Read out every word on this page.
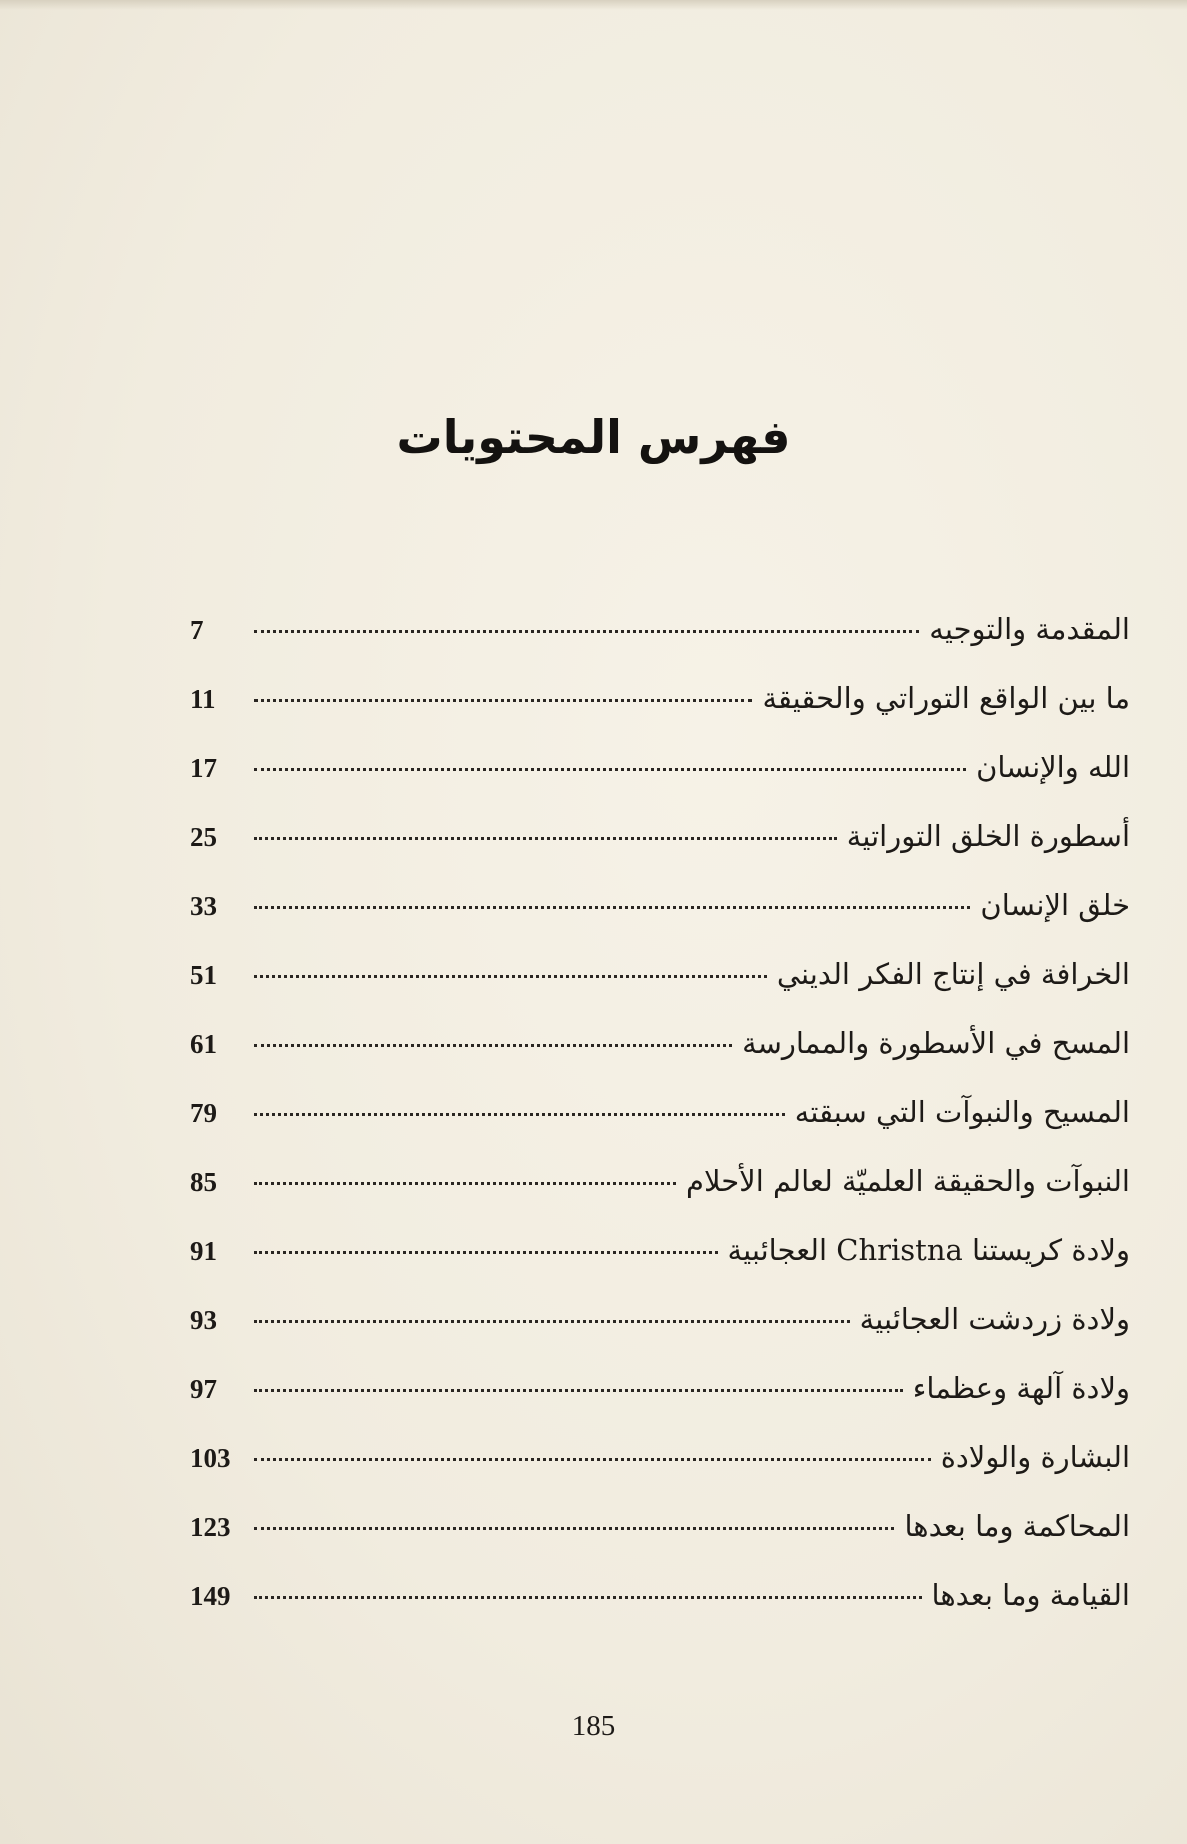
فهرس المحتويات
المقدمة والتوجيه
7
ما بين الواقع التوراتي والحقيقة
11
الله والإنسان
17
أسطورة الخلق التوراتية
25
خلق الإنسان
33
الخرافة في إنتاج الفكر الديني
51
المسح في الأسطورة والممارسة
61
المسيح والنبوآت التي سبقته
79
النبوآت والحقيقة العلميّة لعالم الأحلام
85
ولادة كريستنا Christna العجائبية
91
ولادة زردشت العجائبية
93
ولادة آلهة وعظماء
97
البشارة والولادة
103
المحاكمة وما بعدها
123
القيامة وما بعدها
149
185
